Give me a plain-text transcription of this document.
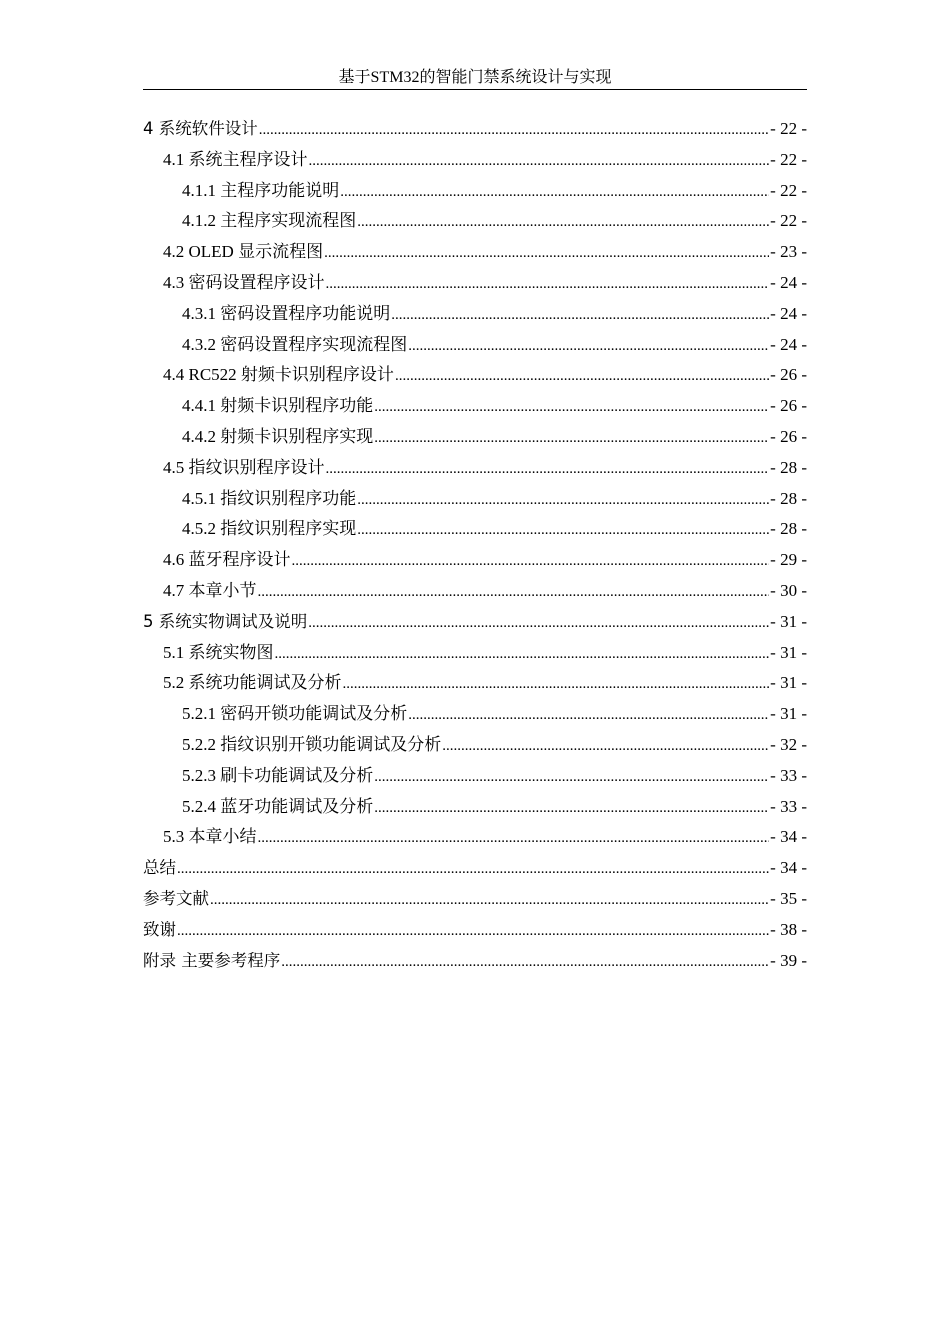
基于STM32的智能门禁系统设计与实现
4 系统软件设计 .....	- 22 -
4.1 系统主程序设计 .....	- 22 -
4.1.1 主程序功能说明 .....	- 22 -
4.1.2 主程序实现流程图 .....	- 22 -
4.2 OLED 显示流程图 .....	- 23 -
4.3 密码设置程序设计 .....	- 24 -
4.3.1 密码设置程序功能说明 .....	- 24 -
4.3.2 密码设置程序实现流程图 .....	- 24 -
4.4 RC522 射频卡识别程序设计 .....	- 26 -
4.4.1 射频卡识别程序功能 .....	- 26 -
4.4.2 射频卡识别程序实现 .....	- 26 -
4.5 指纹识别程序设计 .....	- 28 -
4.5.1 指纹识别程序功能 .....	- 28 -
4.5.2 指纹识别程序实现 .....	- 28 -
4.6 蓝牙程序设计 .....	- 29 -
4.7 本章小节 .....	- 30 -
5 系统实物调试及说明 .....	- 31 -
5.1 系统实物图 .....	- 31 -
5.2 系统功能调试及分析 .....	- 31 -
5.2.1 密码开锁功能调试及分析 .....	- 31 -
5.2.2 指纹识别开锁功能调试及分析 .....	- 32 -
5.2.3 刷卡功能调试及分析 .....	- 33 -
5.2.4 蓝牙功能调试及分析 .....	- 33 -
5.3 本章小结 .....	- 34 -
总结 .....	- 34 -
参考文献 .....	- 35 -
致谢 .....	- 38 -
附录 主要参考程序 .....	- 39 -
